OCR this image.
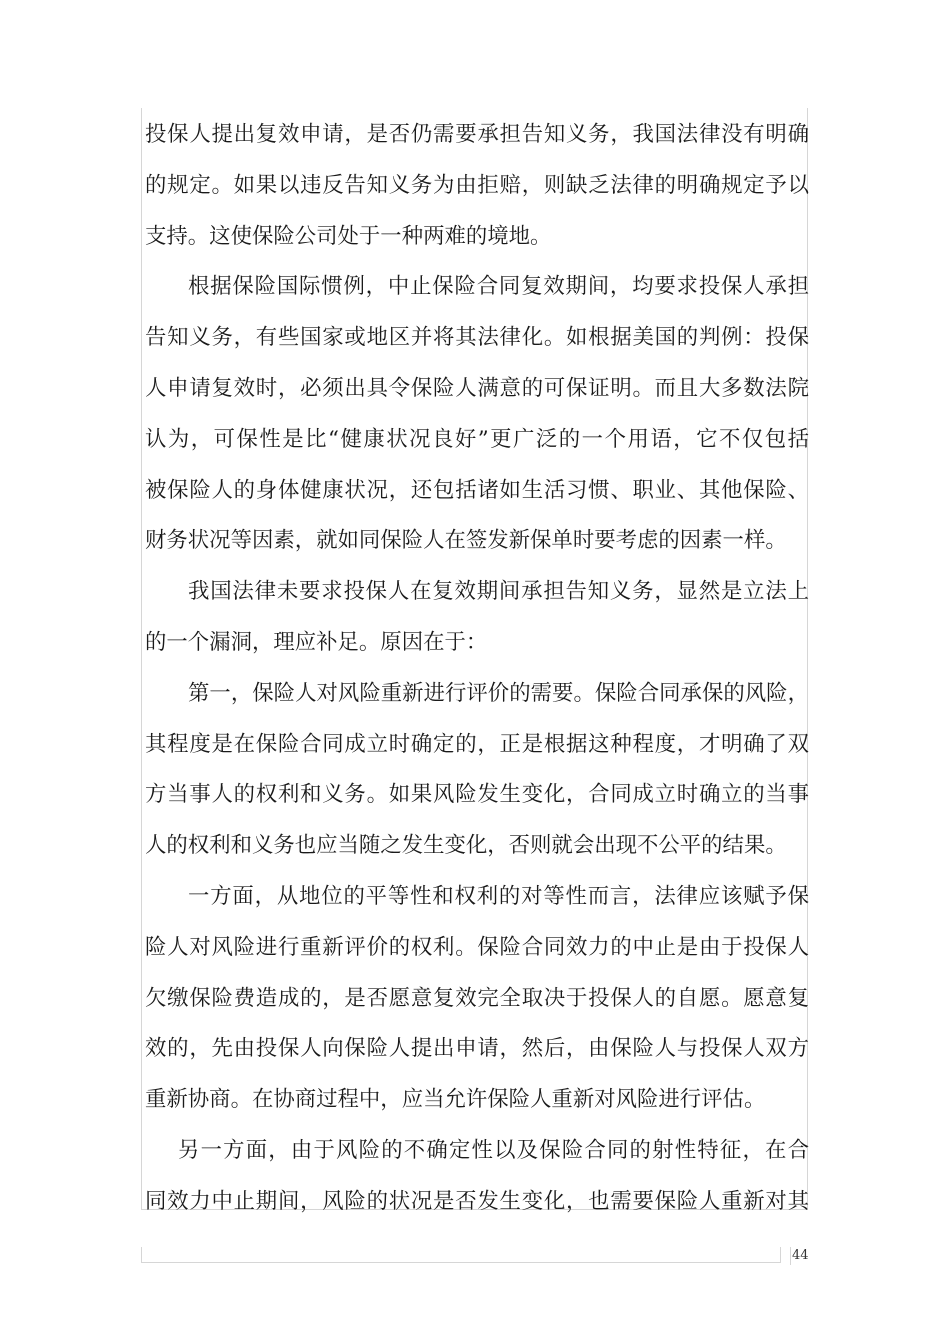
投保人提出复效申请，是否仍需要承担告知义务，我国法律没有明确
的规定。如果以违反告知义务为由拒赔，则缺乏法律的明确规定予以
支持。这使保险公司处于一种两难的境地。
根据保险国际惯例，中止保险合同复效期间，均要求投保人承担
告知义务，有些国家或地区并将其法律化。如根据美国的判例：投保
人申请复效时，必须出具令保险人满意的可保证明。而且大多数法院
认为，可保性是比“健康状况良好”更广泛的一个用语，它不仅包括
被保险人的身体健康状况，还包括诸如生活习惯、职业、其他保险、
财务状况等因素，就如同保险人在签发新保单时要考虑的因素一样。
我国法律未要求投保人在复效期间承担告知义务，显然是立法上
的一个漏洞，理应补足。原因在于：
第一，保险人对风险重新进行评价的需要。保险合同承保的风险，
其程度是在保险合同成立时确定的，正是根据这种程度，才明确了双
方当事人的权利和义务。如果风险发生变化，合同成立时确立的当事
人的权利和义务也应当随之发生变化，否则就会出现不公平的结果。
一方面，从地位的平等性和权利的对等性而言，法律应该赋予保
险人对风险进行重新评价的权利。保险合同效力的中止是由于投保人
欠缴保险费造成的，是否愿意复效完全取决于投保人的自愿。愿意复
效的，先由投保人向保险人提出申请，然后，由保险人与投保人双方
重新协商。在协商过程中，应当允许保险人重新对风险进行评估。
另一方面，由于风险的不确定性以及保险合同的射性特征，在合
同效力中止期间，风险的状况是否发生变化，也需要保险人重新对其
44
